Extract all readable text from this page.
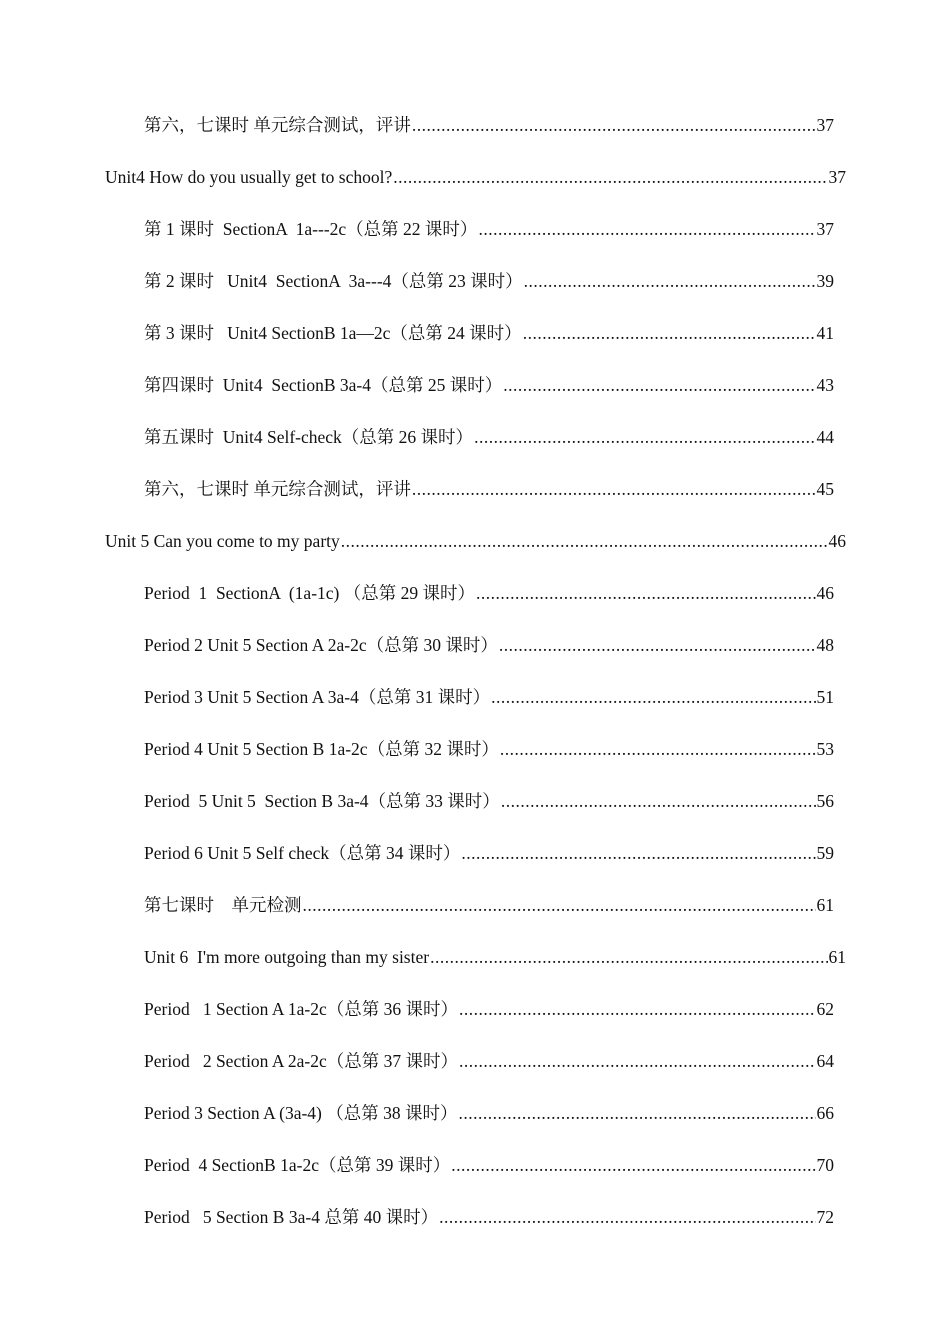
第六，七课时 单元综合测试，评讲 .....	37
Unit4 How do you usually get to school? .....	37
第 1 课时  SectionA  1a---2c（总第 22 课时） .....	37
第 2 课时   Unit4  SectionA  3a---4（总第 23 课时） .....	39
第 3 课时   Unit4 SectionB 1a—2c（总第 24 课时） .....	41
第四课时  Unit4  SectionB 3a-4（总第 25 课时） .....	43
第五课时  Unit4 Self-check（总第 26 课时） .....	44
第六，七课时 单元综合测试，评讲 .....	45
Unit 5 Can you come to my party .....	46
Period  1  SectionA  (1a-1c) （总第 29 课时） .....	46
Period 2 Unit 5 Section A 2a-2c（总第 30 课时） .....	48
Period 3 Unit 5 Section A 3a-4（总第 31 课时） .....	51
Period 4 Unit 5 Section B 1a-2c（总第 32 课时） .....	53
Period  5 Unit 5  Section B 3a-4（总第 33 课时） .....	56
Period 6 Unit 5 Self check（总第 34 课时） .....	59
第七课时    单元检测 .....	61
Unit 6  I'm more outgoing than my sister .....	61
Period   1 Section A 1a-2c（总第 36 课时） .....	62
Period   2 Section A 2a-2c（总第 37 课时） .....	64
Period 3 Section A (3a-4) （总第 38 课时） .....	66
Period  4 SectionB 1a-2c（总第 39 课时） .....	70
Period   5 Section B 3a-4 总第 40 课时） .....	72
